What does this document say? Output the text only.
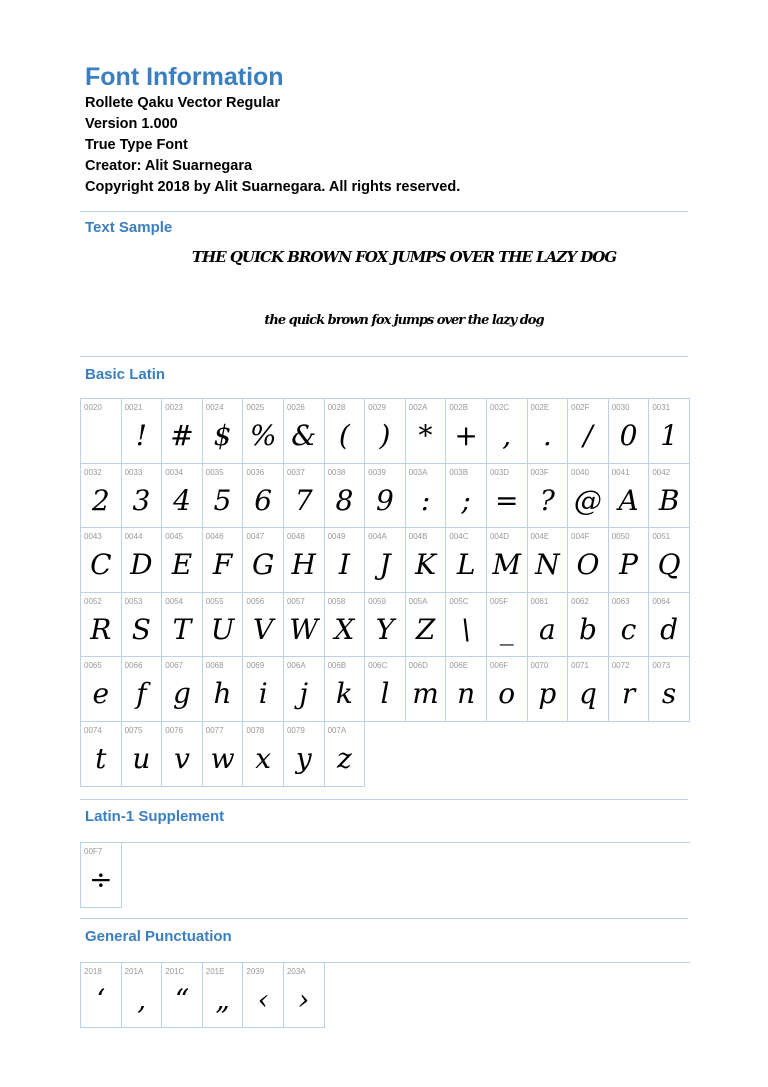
Font Information
Rollete Qaku Vector Regular
Version 1.000
True Type Font
Creator: Alit Suarnegara
Copyright 2018 by Alit Suarnegara. All rights reserved.
Text Sample
THE QUICK BROWN FOX JUMPS OVER THE LAZY DOG
the quick brown fox jumps over the lazy dog
Basic Latin
0020	0021
!
0023
#
0024
$
0025
%
0026
&
0028
(
0029
)
002A
*
002B
+
002C
,
002E
.
002F
/
0030
0
0031
1
0032
2
0033
3
0034
4
0035
5
0036
6
0037
7
0038
8
0039
9
003A
:
003B
;
003D
=
003F
?
0040
@
0041
A
0042
B
0043
C
0044
D
0045
E
0046
F
0047
G
0048
H
0049
I
004A
J
004B
K
004C
L
004D
M
004E
N
004F
O
0050
P
0051
Q
0052
R
0053
S
0054
T
0055
U
0056
V
0057
W
0058
X
0059
Y
005A
Z
005C
\
005F
_
0061
a
0062
b
0063
c
0064
d
0065
e
0066
f
0067
g
0068
h
0069
i
006A
j
006B
k
006C
l
006D
m
006E
n
006F
o
0070
p
0071
q
0072
r
0073
s
0074
t
0075
u
0076
v
0077
w
0078
x
0079
y
007A
z
Latin-1 Supplement
00F7
÷
General Punctuation
2018
‘
201A
‚
201C
“
201E
„
2039
‹
203A
›
